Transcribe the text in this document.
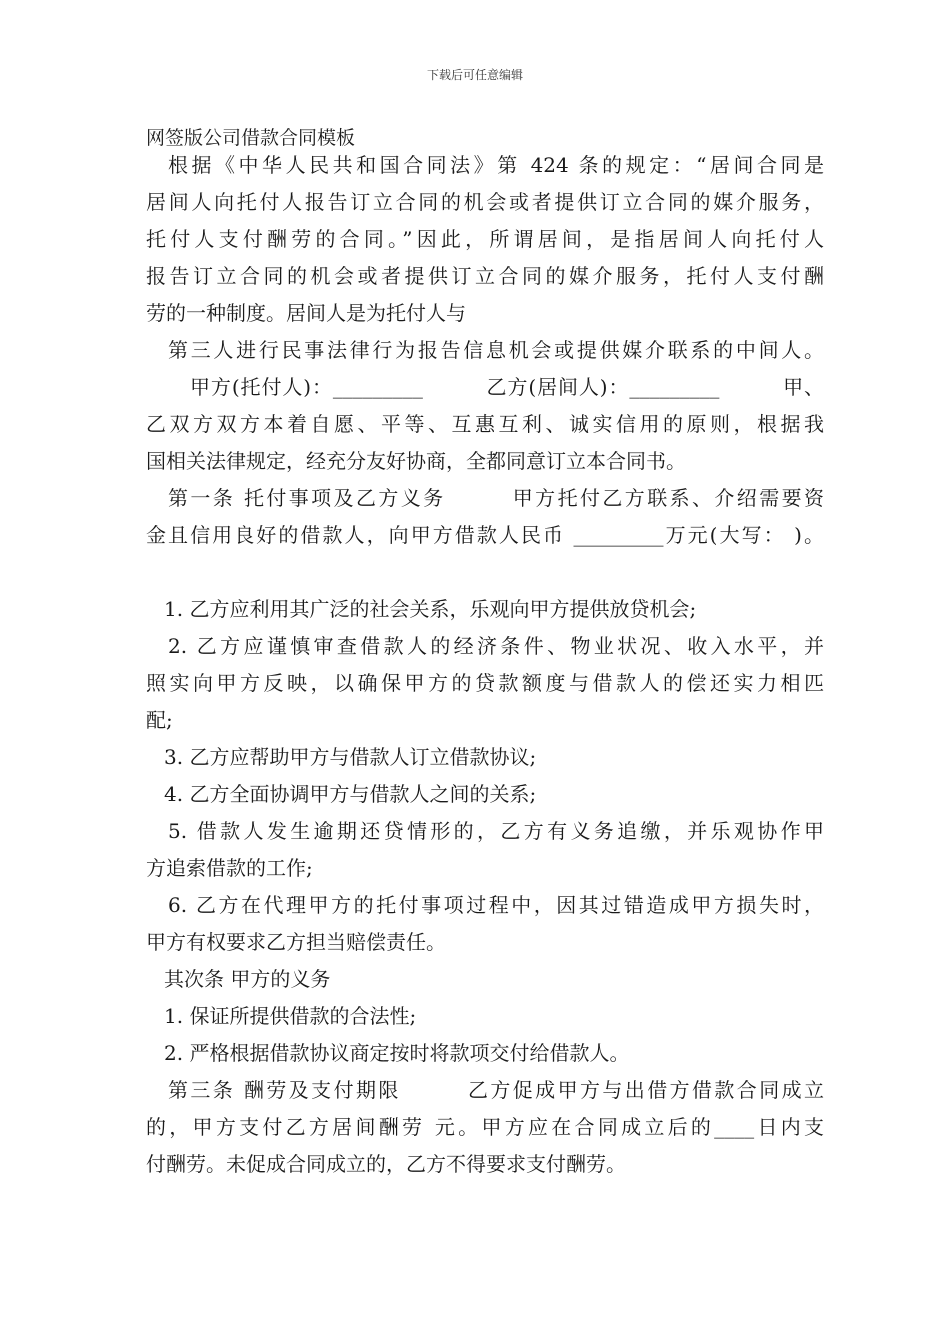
下载后可任意编辑
网签版公司借款合同模板
根据《中华人民共和国合同法》第 424 条的规定：“居间合同是
居间人向托付人报告订立合同的机会或者提供订立合同的媒介服务，
托付人支付酬劳的合同。”因此，所谓居间，是指居间人向托付人
报告订立合同的机会或者提供订立合同的媒介服务，托付人支付酬
劳的一种制度。居间人是为托付人与
第三人进行民事法律行为报告信息机会或提供媒介联系的中间人。
甲方(托付人)：_________　　　乙方(居间人)：_________　　　甲、
乙双方双方本着自愿、平等、互惠互利、诚实信用的原则，根据我
国相关法律规定，经充分友好协商，全都同意订立本合同书。
第一条 托付事项及乙方义务　　　甲方托付乙方联系、介绍需要资
金且信用良好的借款人，向甲方借款人民币 _________万元(大写： )。
1. 乙方应利用其广泛的社会关系，乐观向甲方提供放贷机会;
2. 乙方应谨慎审查借款人的经济条件、物业状况、收入水平，并
照实向甲方反映，以确保甲方的贷款额度与借款人的偿还实力相匹
配;
3. 乙方应帮助甲方与借款人订立借款协议;
4. 乙方全面协调甲方与借款人之间的关系;
5. 借款人发生逾期还贷情形的，乙方有义务追缴，并乐观协作甲
方追索借款的工作;
6. 乙方在代理甲方的托付事项过程中，因其过错造成甲方损失时，
甲方有权要求乙方担当赔偿责任。
其次条 甲方的义务
1. 保证所提供借款的合法性;
2. 严格根据借款协议商定按时将款项交付给借款人。
第三条 酬劳及支付期限　　　乙方促成甲方与出借方借款合同成立
的，甲方支付乙方居间酬劳 元。甲方应在合同成立后的____日内支
付酬劳。未促成合同成立的，乙方不得要求支付酬劳。
